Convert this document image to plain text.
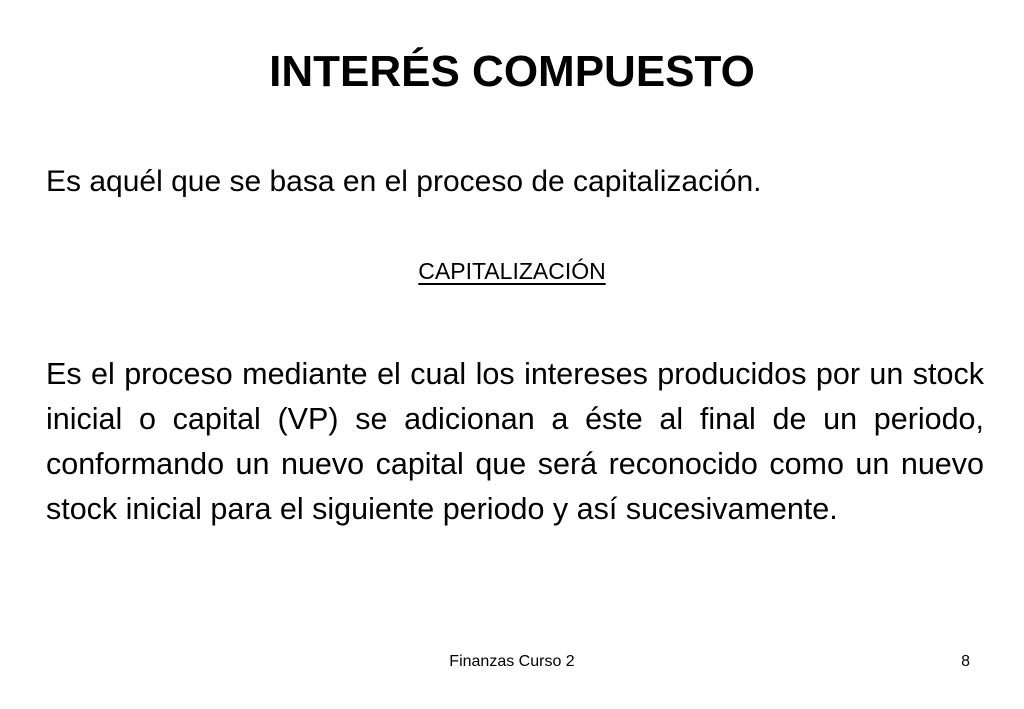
INTERÉS COMPUESTO

Es aquél que se basa en el proceso de capitalización.

CAPITALIZACIÓN

Es el proceso mediante el cual los intereses producidos por un stock inicial o capital (VP) se adicionan a éste al final de un periodo, conformando un nuevo capital que será reconocido como un nuevo stock inicial para el siguiente periodo y así sucesivamente.

Finanzas Curso 2	8
